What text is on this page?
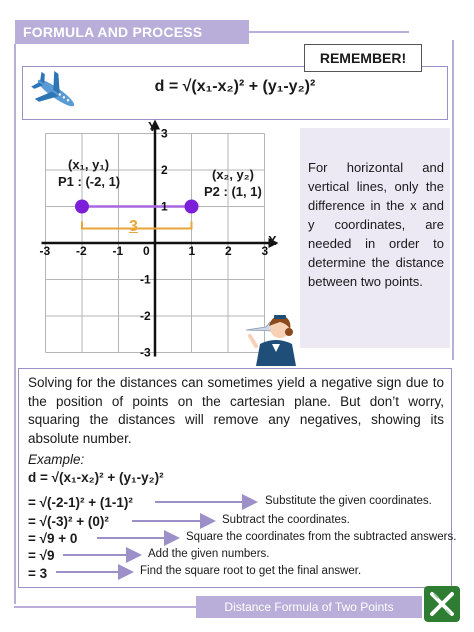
FORMULA AND PROCESS
REMEMBER!
d = √(x₁-x₂)² + (y₁-y₂)²
-3 -2 -1 0	1 2 3
-3
-2
-1
1
2
3
Y
X
(x₁, y₁)
P1 : (-2, 1)	(x₂, y₂)
P2 : (1, 1)
3
For horizontal and vertical lines, only the difference in the x and y coordinates, are needed in order to determine the distance between two points.
Solving for the distances can sometimes yield a negative sign due to the position of points on the cartesian plane. But don’t worry, squaring the distances will remove any negatives, showing its absolute number.
Example:
d = √(x₁-x₂)² + (y₁-y₂)²
= √(-2-1)² + (1-1)²
= √(-3)² + (0)²
= √9 + 0
= √9
= 3
Substitute the given coordinates.
Subtract the coordinates.
Square the coordinates from the subtracted answers.
Add the given numbers.
Find the square root to get the final answer.
Distance Formula of Two Points
